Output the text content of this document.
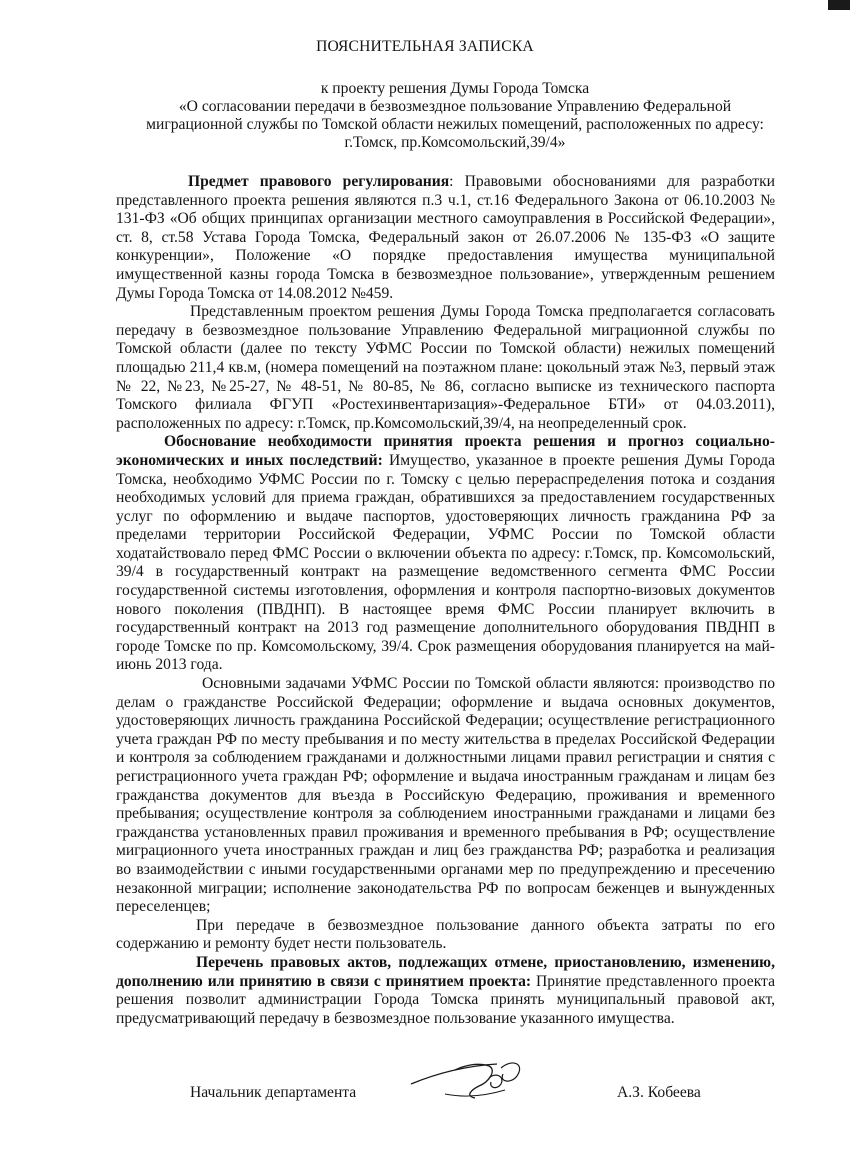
ПОЯСНИТЕЛЬНАЯ ЗАПИСКА

к проекту решения Думы Города Томска

«О согласовании передачи в безвозмездное пользование Управлению Федеральной миграционной службы по Томской области нежилых помещений, расположенных по адресу: г.Томск, пр.Комсомольский,39/4»

Предмет правового регулирования: Правовыми обоснованиями для разработки представленного проекта решения являются п.3 ч.1, ст.16 Федерального Закона от 06.10.2003 № 131-ФЗ «Об общих принципах организации местного самоуправления в Российской Федерации», ст. 8, ст.58 Устава Города Томска, Федеральный закон от 26.07.2006 № 135-ФЗ «О защите конкуренции», Положение «О порядке предоставления имущества муниципальной имущественной казны города Томска в безвозмездное пользование», утвержденным решением Думы Города Томска от 14.08.2012 №459.

Представленным проектом решения Думы Города Томска предполагается согласовать передачу в безвозмездное пользование Управлению Федеральной миграционной службы по Томской области (далее по тексту УФМС России по Томской области) нежилых помещений площадью 211,4 кв.м, (номера помещений на поэтажном плане: цокольный этаж №3, первый этаж № 22, №23, №25-27, № 48-51, № 80-85, № 86, согласно выписке из технического паспорта Томского филиала ФГУП «Ростехинвентаризация»-Федеральное БТИ» от 04.03.2011), расположенных по адресу: г.Томск, пр.Комсомольский,39/4, на неопределенный срок.

Обоснование необходимости принятия проекта решения и прогноз социально-экономических и иных последствий: Имущество, указанное в проекте решения Думы Города Томска, необходимо УФМС России по г. Томску с целью перераспределения потока и создания необходимых условий для приема граждан, обратившихся за предоставлением государственных услуг по оформлению и выдаче паспортов, удостоверяющих личность гражданина РФ за пределами территории Российской Федерации, УФМС России по Томской области ходатайствовало перед ФМС России о включении объекта по адресу: г.Томск, пр. Комсомольский, 39/4 в государственный контракт на размещение ведомственного сегмента ФМС России государственной системы изготовления, оформления и контроля паспортно-визовых документов нового поколения (ПВДНП). В настоящее время ФМС России планирует включить в государственный контракт на 2013 год размещение дополнительного оборудования ПВДНП в городе Томске по пр. Комсомольскому, 39/4. Срок размещения оборудования планируется на май-июнь 2013 года.

Основными задачами УФМС России по Томской области являются: производство по делам о гражданстве Российской Федерации; оформление и выдача основных документов, удостоверяющих личность гражданина Российской Федерации; осуществление регистрационного учета граждан РФ по месту пребывания и по месту жительства в пределах Российской Федерации и контроля за соблюдением гражданами и должностными лицами правил регистрации и снятия с регистрационного учета граждан РФ; оформление и выдача иностранным гражданам и лицам без гражданства документов для въезда в Российскую Федерацию, проживания и временного пребывания; осуществление контроля за соблюдением иностранными гражданами и лицами без гражданства установленных правил проживания и временного пребывания в РФ; осуществление миграционного учета иностранных граждан и лиц без гражданства РФ; разработка и реализация во взаимодействии с иными государственными органами мер по предупреждению и пресечению незаконной миграции; исполнение законодательства РФ по вопросам беженцев и вынужденных переселенцев;

При передаче в безвозмездное пользование данного объекта затраты по его содержанию и ремонту будет нести пользователь.

Перечень правовых актов, подлежащих отмене, приостановлению, изменению, дополнению или принятию в связи с принятием проекта: Принятие представленного проекта решения позволит администрации Города Томска принять муниципальный правовой акт, предусматривающий передачу в безвозмездное пользование указанного имущества.

Начальник департамента	А.З. Кобеева
